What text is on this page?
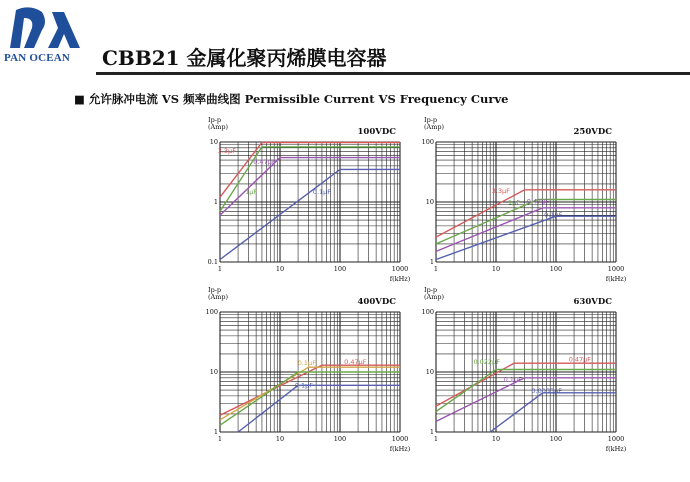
PAN OCEAN CBB21 金属化聚丙烯膜电容器
■ 允许脉冲电流 VS 频率曲线图 Permissible Current VS Frequency Curve
3.3μF
0.47μF
1μF	0.1μF
1	10	100	1000
0.1
1
10
Ip-p
(Amp)	100VDC
f(kHz)
3.3μF
1μF 0.47μF
0.1μF
1	10	100	1000
1
10
100
Ip-p
(Amp)	250VDC
f(kHz)
0.47μF
0.1μF
0.1μF
1	10	100	1000
1
10
100
Ip-p
(Amp)	400VDC
f(kHz)
0.47μF
0.022μF
0.1μF
0.0033μF
1	10	100	1000
1
10
100
Ip-p
(Amp)	630VDC
f(kHz)
